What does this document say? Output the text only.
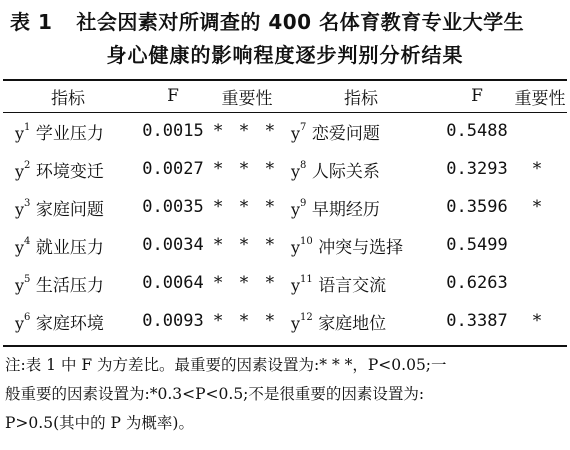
表 1 社会因素对所调查的 400 名体育教育专业大学生
身心健康的影响程度逐步判别分析结果
指标	F	重要性	指标	F	重要性
$y^1$ 学业压力	0.0015	* * *	$y^7$ 恋爱问题	0.5488	
$y^2$ 环境变迁	0.0027	* * *	$y^8$ 人际关系	0.3293	*
$y^3$ 家庭问题	0.0035	* * *	$y^9$ 早期经历	0.3596	*
$y^4$ 就业压力	0.0034	* * *	$y^{10}$ 冲突与选择	0.5499	
$y^5$ 生活压力	0.0064	* * *	$y^{11}$ 语言交流	0.6263	
$y^6$ 家庭环境	0.0093	* * *	$y^{12}$ 家庭地位	0.3387	*
注:表 1 中 F 为方差比。最重要的因素设置为:* * *，P<0.05;一
般重要的因素设置为:*0.3<P<0.5;不是很重要的因素设置为:
P>0.5(其中的 P 为概率)。
